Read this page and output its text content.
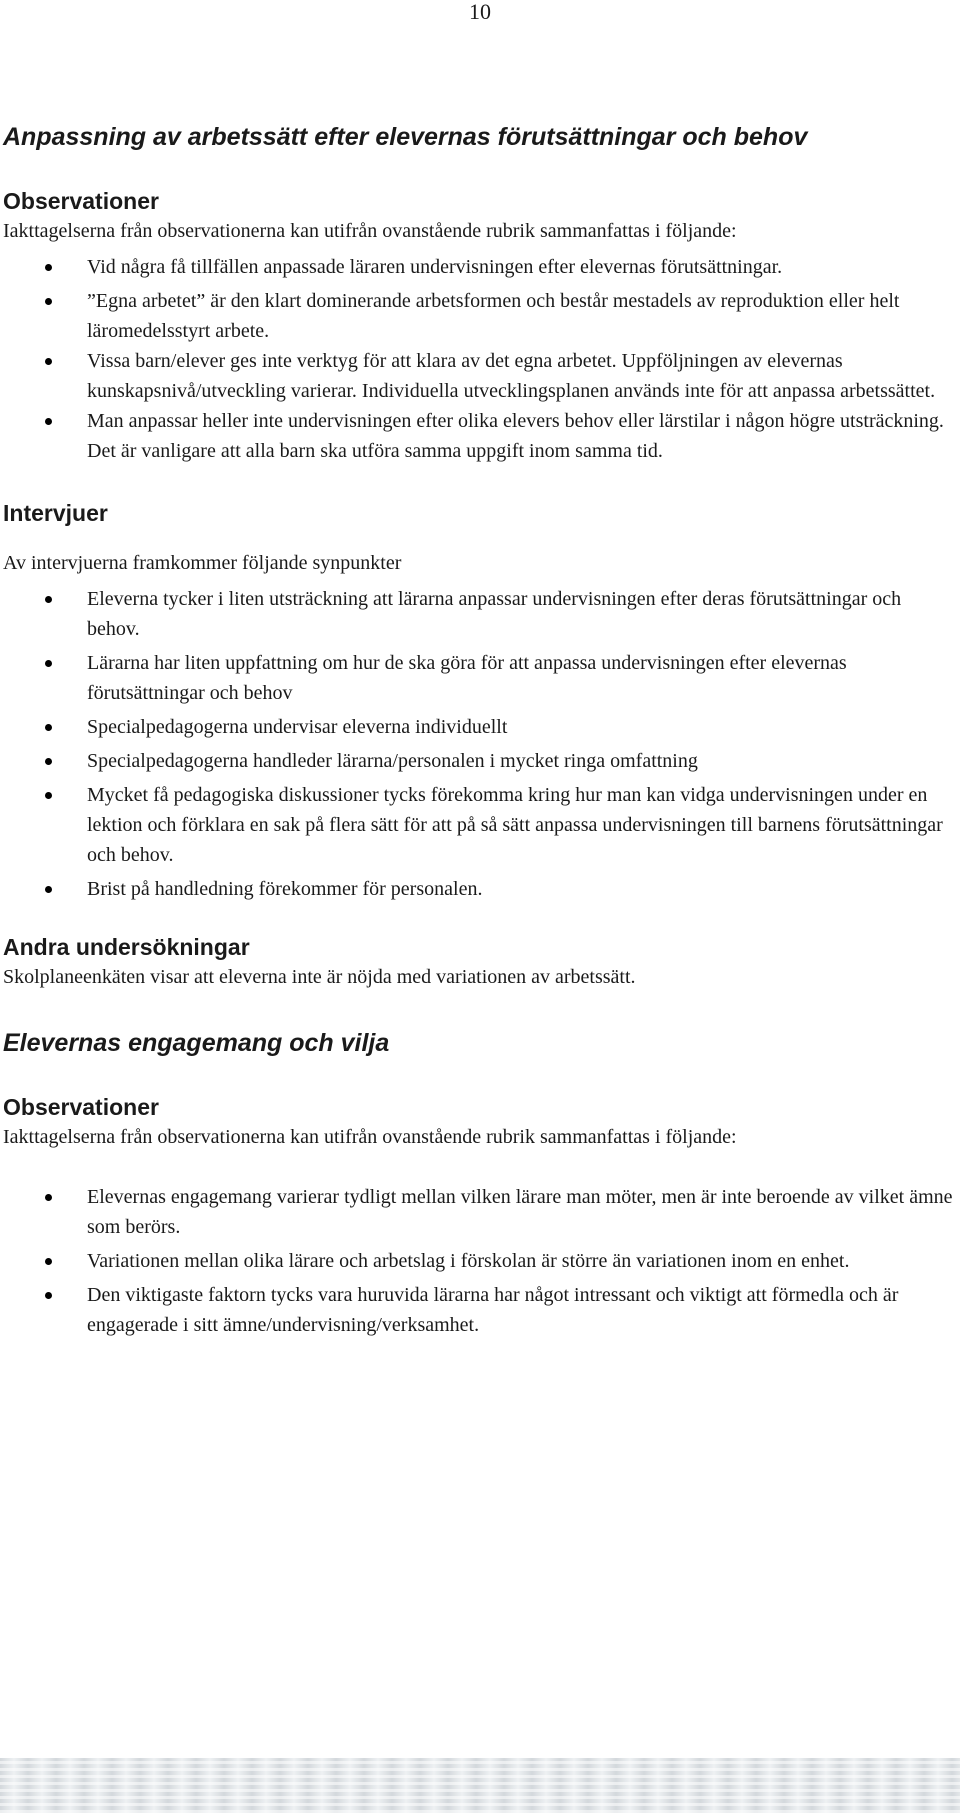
10
Anpassning av arbetssätt efter elevernas förutsättningar och behov
Observationer

Iakttagelserna från observationerna kan utifrån ovanstående rubrik sammanfattas i följande:

Vid några få tillfällen anpassade läraren undervisningen efter elevernas förutsättningar.
”Egna arbetet” är den klart dominerande arbetsformen och består mestadels av reproduktion eller helt läromedelsstyrt arbete.
Vissa barn/elever ges inte verktyg för att klara av det egna arbetet. Uppföljningen av elevernas kunskapsnivå/utveckling varierar. Individuella utvecklingsplanen används inte för att anpassa arbetssättet.
Man anpassar heller inte undervisningen efter olika elevers behov eller lärstilar i någon högre utsträckning. Det är vanligare att alla barn ska utföra samma uppgift inom samma tid.
Intervjuer

Av intervjuerna framkommer följande synpunkter

Eleverna tycker i liten utsträckning att lärarna anpassar undervisningen efter deras förutsättningar och behov.
Lärarna har liten uppfattning om hur de ska göra för att anpassa undervisningen efter elevernas förutsättningar och behov
Specialpedagogerna undervisar eleverna individuellt
Specialpedagogerna handleder lärarna/personalen i mycket ringa omfattning
Mycket få pedagogiska diskussioner tycks förekomma kring hur man kan vidga undervisningen under en lektion och förklara en sak på flera sätt för att på så sätt anpassa undervisningen till barnens förutsättningar och behov.
Brist på handledning förekommer för personalen.
Andra undersökningar

Skolplaneenkäten visar att eleverna inte är nöjda med variationen av arbetssätt.

Elevernas engagemang och vilja
Observationer

Iakttagelserna från observationerna kan utifrån ovanstående rubrik sammanfattas i följande:

Elevernas engagemang varierar tydligt mellan vilken lärare man möter, men är inte beroende av vilket ämne som berörs.
Variationen mellan olika lärare och arbetslag i förskolan är större än variationen inom en enhet.
Den viktigaste faktorn tycks vara huruvida lärarna har något intressant och viktigt att förmedla och är engagerade i sitt ämne/undervisning/verksamhet.
